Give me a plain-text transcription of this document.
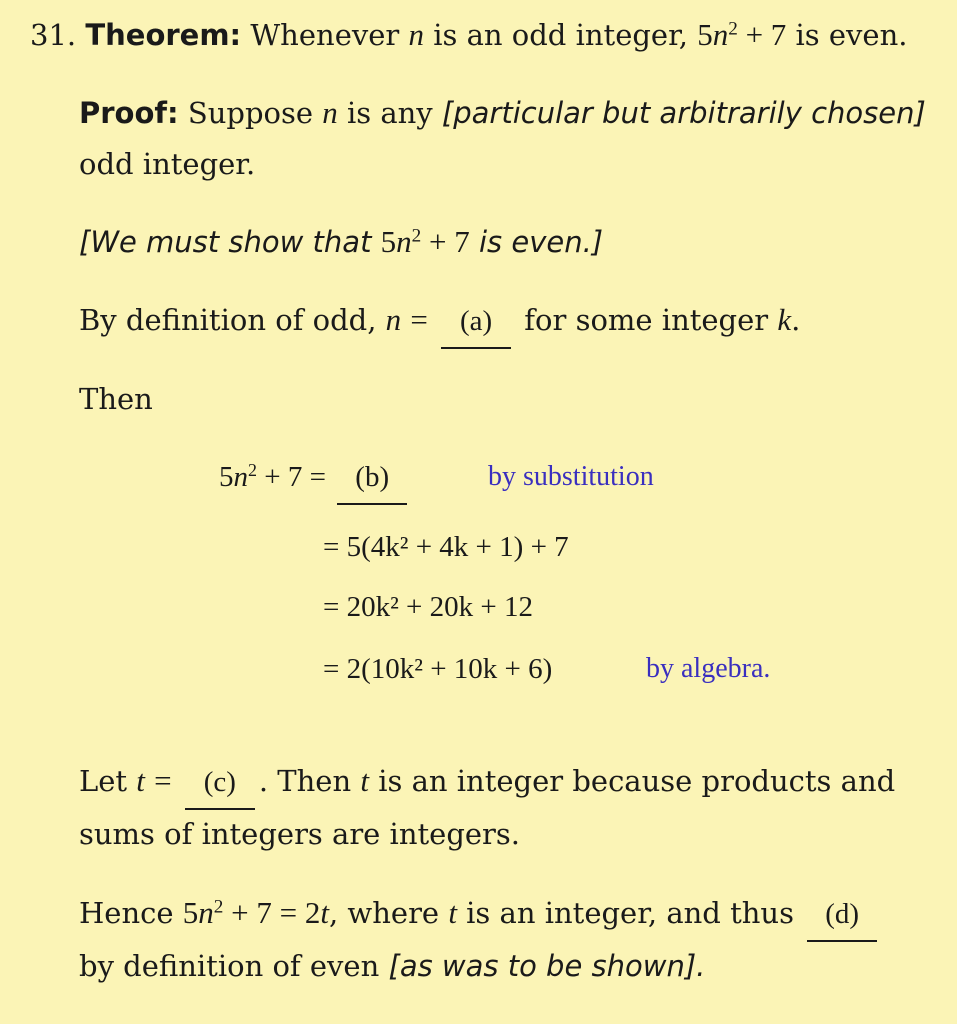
31. Theorem: Whenever n is an odd integer, $5n^2 + 7$ is even.
Proof: Suppose n is any [particular but arbitrarily chosen]
odd integer.
[We must show that $5n^2 + 7$ is even.]
By definition of odd, n = (a) for some integer k.
Then
$5n^2 + 7 = (b)$	by substitution
= 5(4k² + 4k + 1) + 7
= 20k² + 20k + 12
= 2(10k² + 10k + 6)	by algebra.
Let t = (c) . Then t is an integer because products and
sums of integers are integers.
Hence $5n^2 + 7 = 2t$, where t is an integer, and thus (d)
by definition of even [as was to be shown].
